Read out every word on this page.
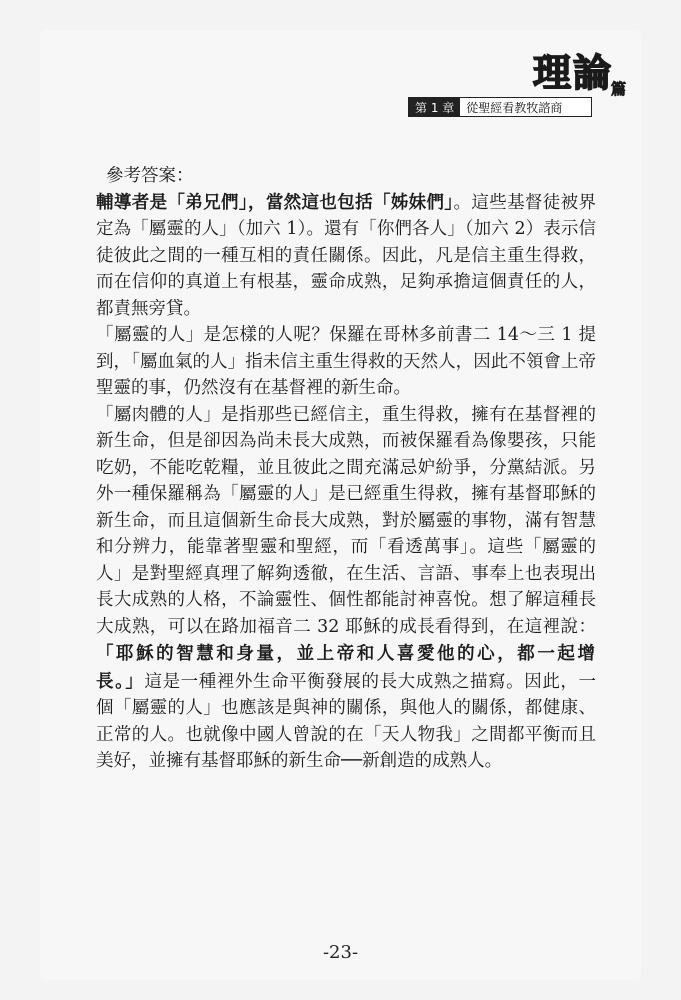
理論
篇
第 1 章	從聖經看教牧諮商

參考答案：

輔導者是「弟兄們」，當然這也包括「姊妹們」。這些基督徒被界定為「屬靈的人」（加六 1）。還有「你們各人」（加六 2）表示信徒彼此之間的一種互相的責任關係。因此，凡是信主重生得救，而在信仰的真道上有根基，靈命成熟，足夠承擔這個責任的人，都責無旁貸。

「屬靈的人」是怎樣的人呢？保羅在哥林多前書二 14～三 1 提到，「屬血氣的人」指未信主重生得救的天然人，因此不領會上帝聖靈的事，仍然沒有在基督裡的新生命。

「屬肉體的人」是指那些已經信主，重生得救，擁有在基督裡的新生命，但是卻因為尚未長大成熟，而被保羅看為像嬰孩，只能吃奶，不能吃乾糧，並且彼此之間充滿忌妒紛爭，分黨結派。另外一種保羅稱為「屬靈的人」是已經重生得救，擁有基督耶穌的新生命，而且這個新生命長大成熟，對於屬靈的事物，滿有智慧和分辨力，能靠著聖靈和聖經，而「看透萬事」。這些「屬靈的人」是對聖經真理了解夠透徹，在生活、言語、事奉上也表現出長大成熟的人格，不論靈性、個性都能討神喜悅。想了解這種長大成熟，可以在路加福音二 32 耶穌的成長看得到，在這裡說：「耶穌的智慧和身量，並上帝和人喜愛他的心，都一起增長。」這是一種裡外生命平衡發展的長大成熟之描寫。因此，一個「屬靈的人」也應該是與神的關係，與他人的關係，都健康、正常的人。也就像中國人曾說的在「天人物我」之間都平衡而且美好，並擁有基督耶穌的新生命──新創造的成熟人。

-23-
